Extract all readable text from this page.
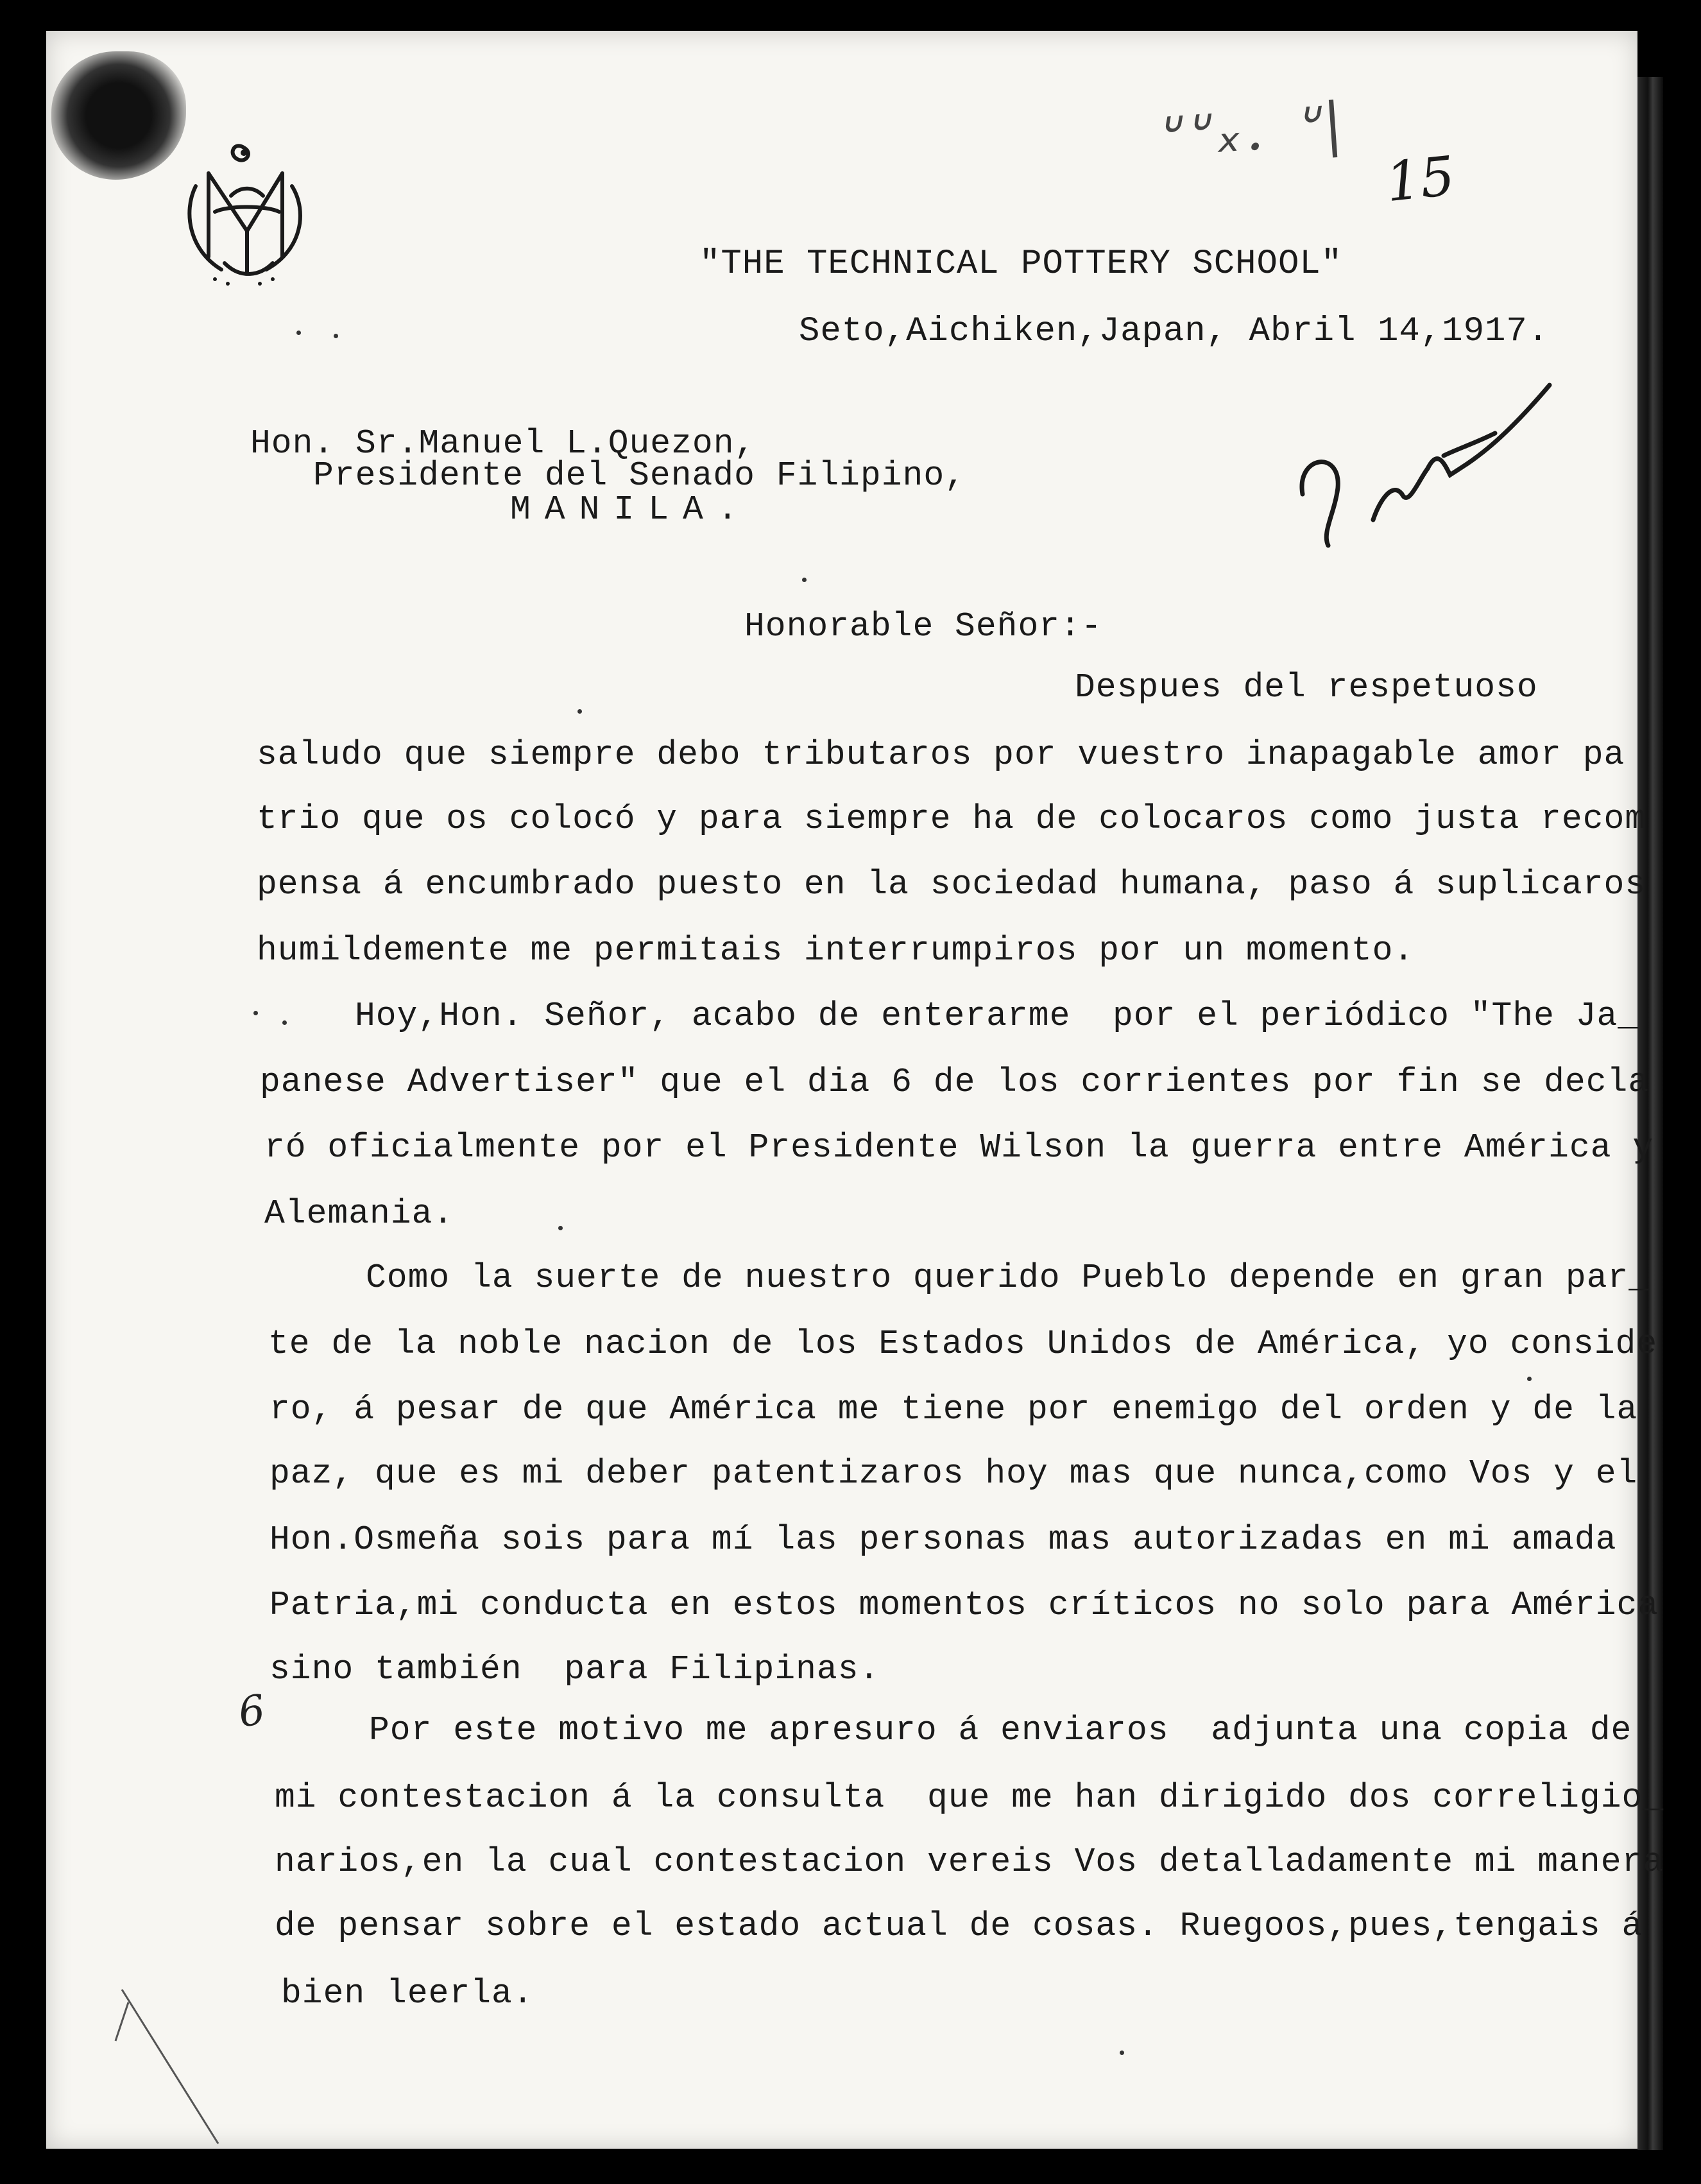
ᐡᐡ᙮. ᐡ|
15
6
"THE TECHNICAL POTTERY SCHOOL"
Seto,Aichiken,Japan, Abril 14,1917.
Hon. Sr.Manuel L.Quezon,
Presidente del Senado Filipino,
MANILA.
Honorable Señor:-
Despues del respetuoso
saludo que siempre debo tributaros por vuestro inapagable amor pa
trio que os colocó y para siempre ha de colocaros como justa recom
pensa á encumbrado puesto en la sociedad humana, paso á suplicaros
humildemente me permitais interrumpiros por un momento.
Hoy,Hon. Señor, acabo de enterarme  por el periódico "The Ja_
panese Advertiser" que el dia 6 de los corrientes por fin se decla
ró oficialmente por el Presidente Wilson la guerra entre América y
Alemania.
Como la suerte de nuestro querido Pueblo depende en gran par_
te de la noble nacion de los Estados Unidos de América, yo conside
ro, á pesar de que América me tiene por enemigo del orden y de la
paz, que es mi deber patentizaros hoy mas que nunca,como Vos y el
Hon.Osmeña sois para mí las personas mas autorizadas en mi amada
Patria,mi conducta en estos momentos críticos no solo para América
sino también  para Filipinas.
Por este motivo me apresuro á enviaros  adjunta una copia de
mi contestacion á la consulta  que me han dirigido dos correligio_
narios,en la cual contestacion vereis Vos detalladamente mi manera
de pensar sobre el estado actual de cosas. Ruegoos,pues,tengais á
bien leerla.
